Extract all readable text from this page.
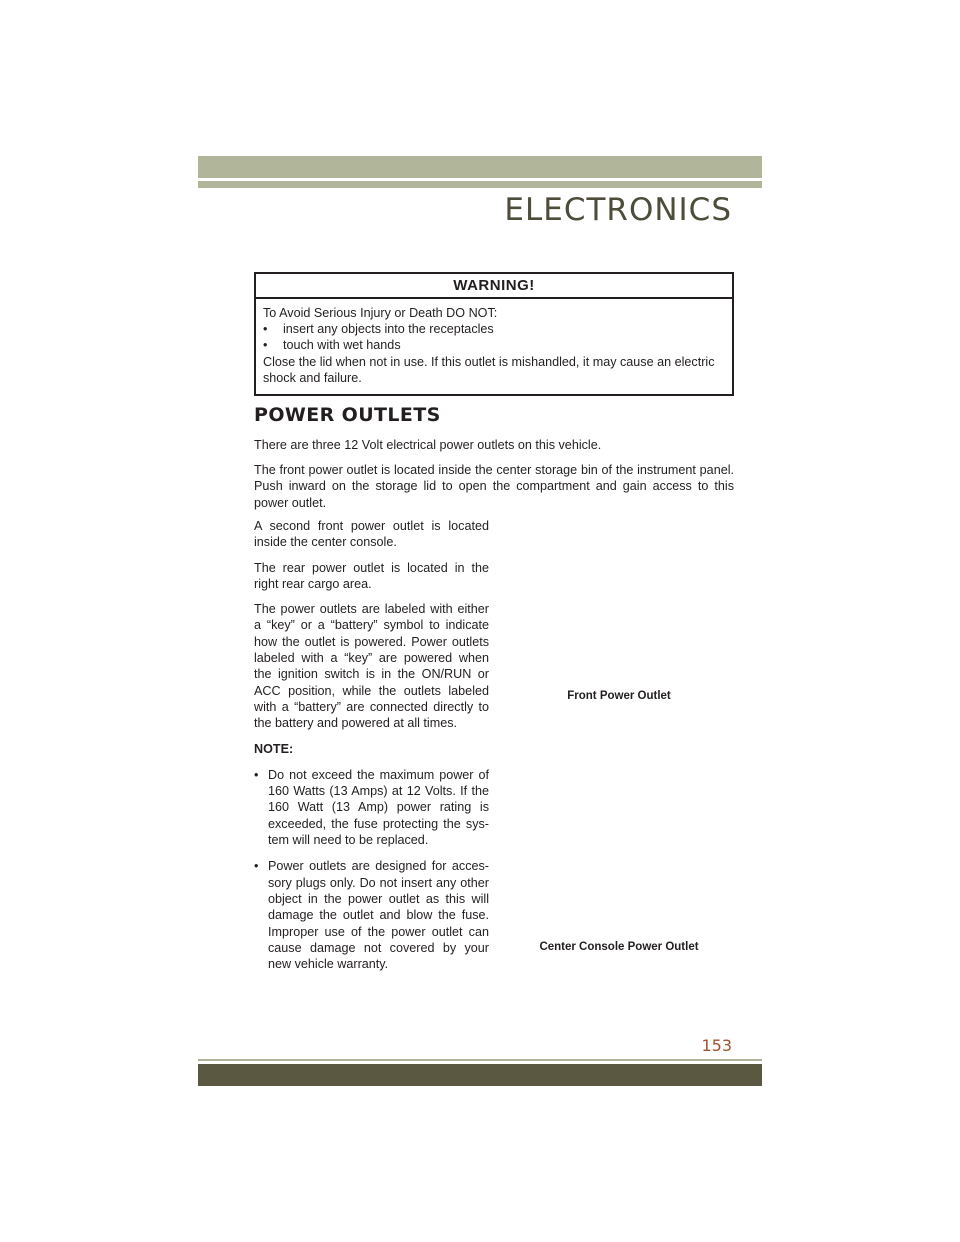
ELECTRONICS
WARNING!
To Avoid Serious Injury or Death DO NOT:
•	insert any objects into the receptacles
•	touch with wet hands
Close the lid when not in use. If this outlet is mishandled, it may cause an electric shock and failure.
POWER OUTLETS
There are three 12 Volt electrical power outlets on this vehicle.
The front power outlet is located inside the center storage bin of the instrument panel. Push inward on the storage lid to open the compartment and gain access to this power outlet.

A second front power outlet is located inside the center console.

The rear power outlet is located in the right rear cargo area.

The power outlets are labeled with either a “key” or a “battery” symbol to indicate how the outlet is powered. Power outlets labeled with a “key” are powered when the ignition switch is in the ON/RUN or ACC position, while the outlets labeled with a “battery” are connected directly to the battery and powered at all times.

NOTE:

• Do not exceed the maximum power of 160 Watts (13 Amps) at 12 Volts. If the 160 Watt (13 Amp) power rating is exceeded, the fuse protecting the sys- tem will need to be replaced.
• Power outlets are designed for acces- sory plugs only. Do not insert any other object in the power outlet as this will damage the outlet and blow the fuse. Improper use of the power outlet can cause damage not covered by your new vehicle warranty.
Front Power Outlet
Center Console Power Outlet
153
